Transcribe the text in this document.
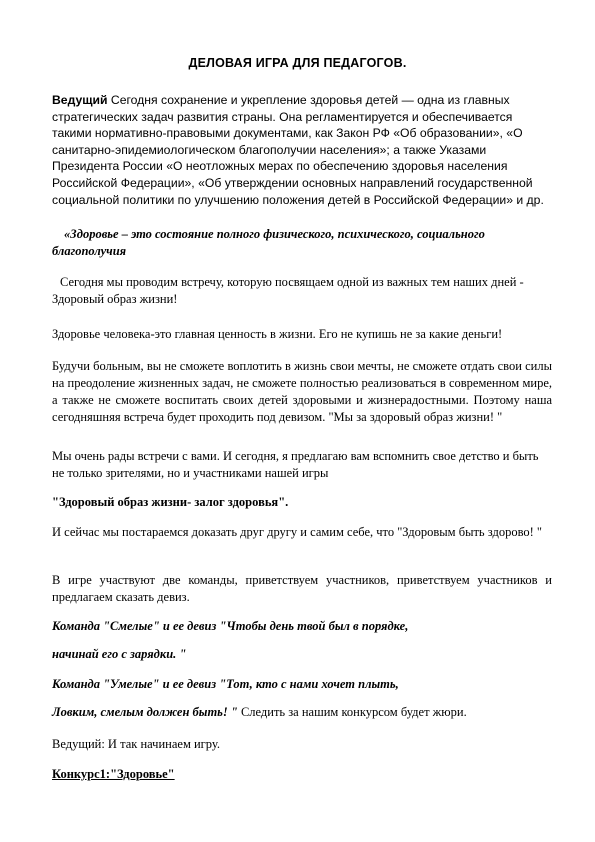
ДЕЛОВАЯ ИГРА ДЛЯ ПЕДАГОГОВ.
Ведущий Сегодня сохранение и укрепление здоровья детей — одна из главных стратегических задач развития страны. Она регламентируется и обеспечивается такими нормативно-правовыми документами, как Закон РФ «Об образовании», «О санитарно-эпидемиологическом благополучии населения»; а также Указами Президента России «О неотложных мерах по обеспечению здоровья населения Российской Федерации», «Об утверждении основных направлений государственной социальной политики по улучшению положения детей в Российской Федерации» и др.
«Здоровье – это состояние полного физического, психического, социального благополучия
Сегодня мы проводим встречу, которую посвящаем одной из важных тем наших дней - Здоровый образ жизни!
Здоровье человека-это главная ценность в жизни. Его не купишь не за какие деньги!
Будучи больным, вы не сможете воплотить в жизнь свои мечты, не сможете отдать свои силы на преодоление жизненных задач, не сможете полностью реализоваться в современном мире, а также не сможете воспитать своих детей здоровыми и жизнерадостными. Поэтому наша сегодняшняя встреча будет проходить под девизом. "Мы за здоровый образ жизни! "
Мы очень рады встречи с вами. И сегодня, я предлагаю вам вспомнить свое детство и быть не только зрителями, но и участниками нашей игры
"Здоровый образ жизни- залог здоровья".
И сейчас мы постараемся доказать друг другу и самим себе, что "Здоровым быть здорово! "
В игре участвуют две команды, приветствуем участников, приветствуем участников и предлагаем сказать девиз.
Команда "Смелые" и ее девиз "Чтобы день твой был в порядке,
начинай его с зарядки. "
Команда "Умелые" и ее девиз "Тот, кто с нами хочет плыть,
Ловким, смелым должен быть! " Следить за нашим конкурсом будет жюри.
Ведущий: И так начинаем игру.
Конкурс1:"Здоровье"
